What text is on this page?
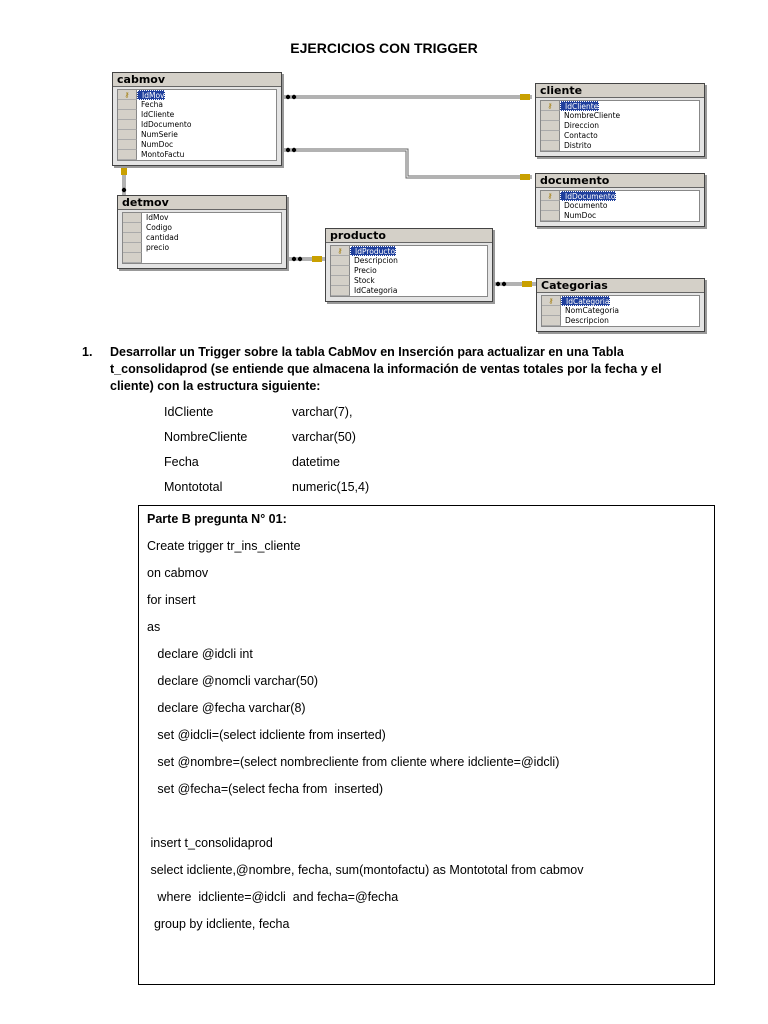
EJERCICIOS CON TRIGGER
cabmov
⚷	IdMov
Fecha
IdCliente
IdDocumento
NumSerie
NumDoc
MontoFactu
cliente
⚷	IdCliente
NombreCliente
Direccion
Contacto
Distrito
documento
⚷	IdDocumento
Documento
NumDoc
detmov
IdMov
Codigo
cantidad
precio

producto
⚷	IdProducto
Descripcion
Precio
Stock
IdCategoria	Categorias
⚷	IdCategoria
NomCategoria
Descripcion
1. Desarrollar un Trigger sobre la tabla CabMov en Inserción para actualizar en una Tabla t_consolidaprod (se entiende que almacena la información de ventas totales por la fecha y el cliente) con la estructura siguiente:
IdCliente	varchar(7),
NombreCliente	varchar(50)
Fecha	datetime
Montototal	numeric(15,4)
Parte B pregunta N° 01:
Create trigger tr_ins_cliente
on cabmov
for insert
as
declare @idcli int
declare @nomcli varchar(50)
declare @fecha varchar(8)
set @idcli=(select idcliente from inserted)
set @nombre=(select nombrecliente from cliente where idcliente=@idcli)
set @fecha=(select fecha from  inserted)
insert t_consolidaprod
select idcliente,@nombre, fecha, sum(montofactu) as Montototal from cabmov
where  idcliente=@idcli  and fecha=@fecha
group by idcliente, fecha
